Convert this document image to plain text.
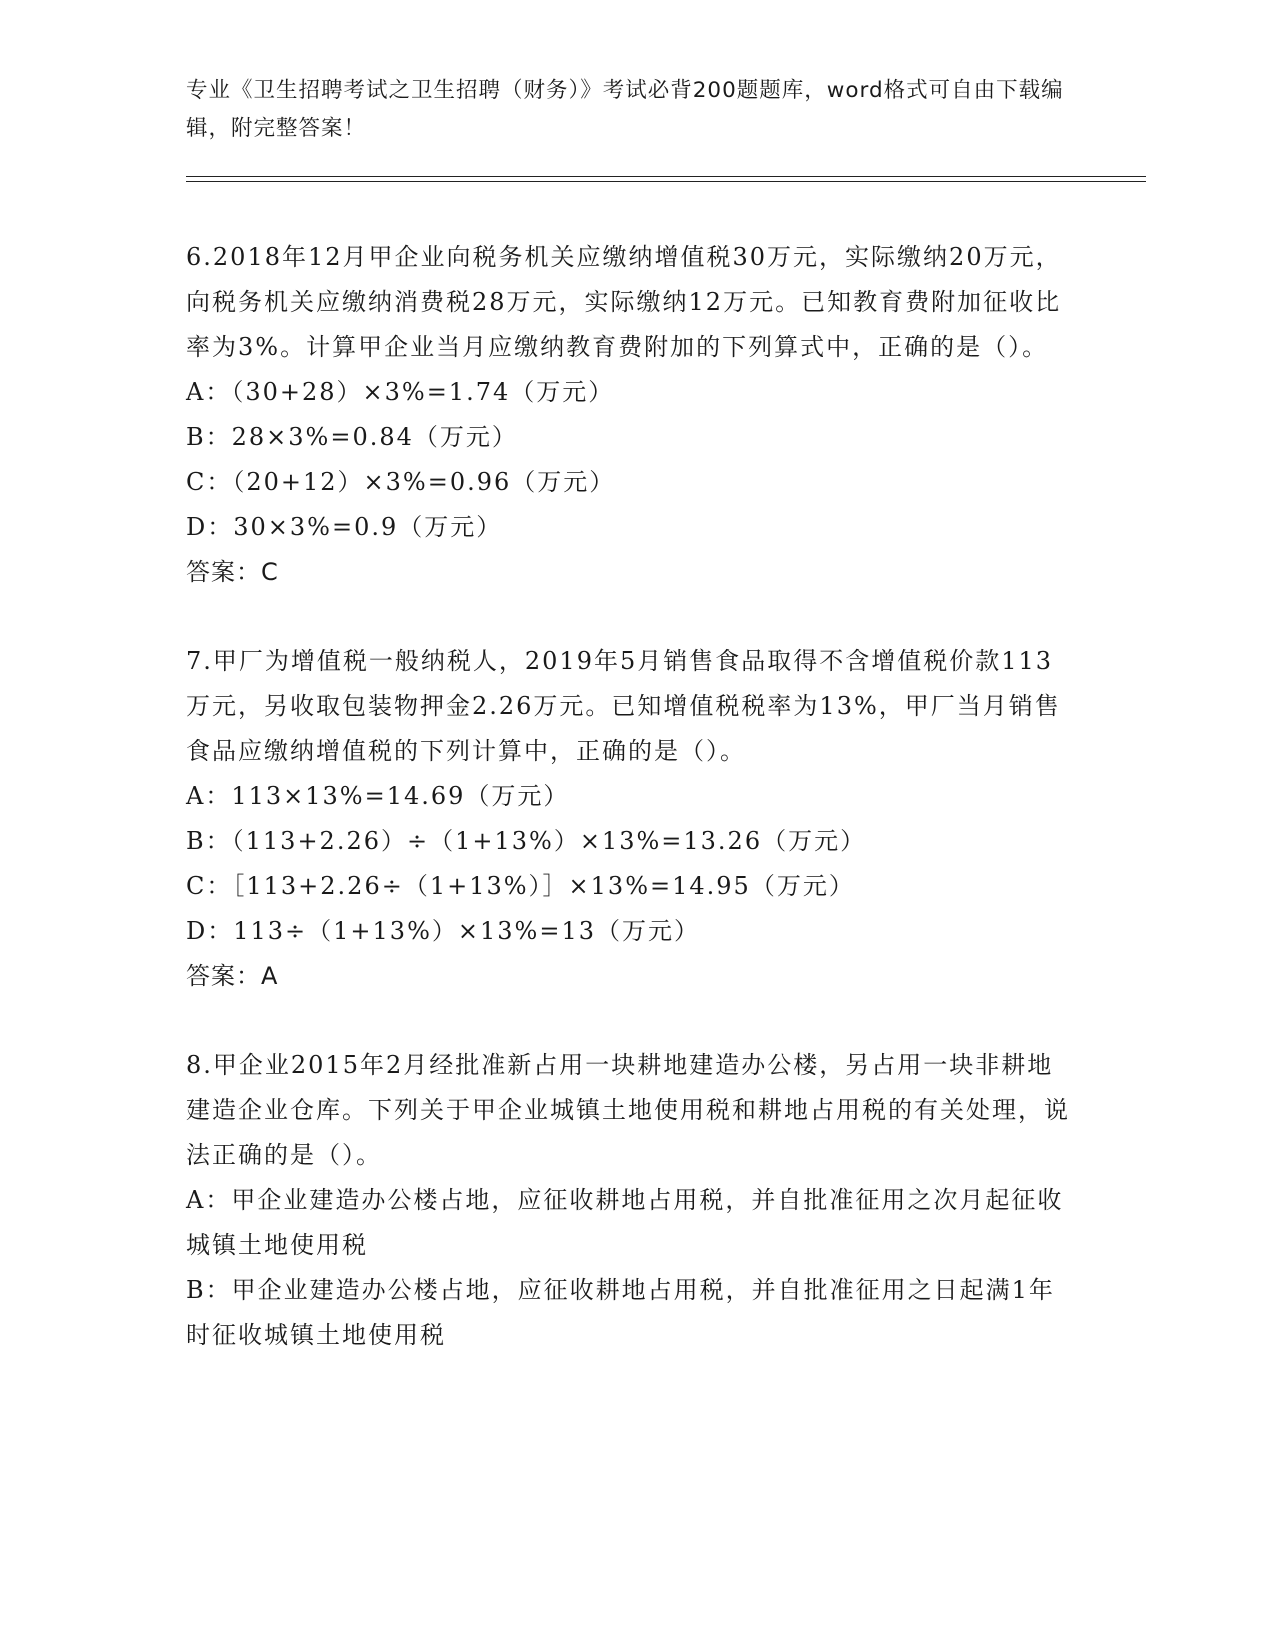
专业《卫生招聘考试之卫生招聘（财务）》考试必背200题题库，word格式可自由下载编辑，附完整答案！

6.2018年12月甲企业向税务机关应缴纳增值税30万元，实际缴纳20万元，向税务机关应缴纳消费税28万元，实际缴纳12万元。已知教育费附加征收比率为3%。计算甲企业当月应缴纳教育费附加的下列算式中，正确的是（）。

A：（30+28）×3%=1.74（万元）

B：28×3%=0.84（万元）

C：（20+12）×3%=0.96（万元）

D：30×3%=0.9（万元）

答案：C

7.甲厂为增值税一般纳税人，2019年5月销售食品取得不含增值税价款113万元，另收取包装物押金2.26万元。已知增值税税率为13%，甲厂当月销售食品应缴纳增值税的下列计算中，正确的是（）。

A：113×13%=14.69（万元）

B：（113+2.26）÷（1+13%）×13%=13.26（万元）

C：［113+2.26÷（1+13%）］×13%=14.95（万元）

D：113÷（1+13%）×13%=13（万元）

答案：A

8.甲企业2015年2月经批准新占用一块耕地建造办公楼，另占用一块非耕地建造企业仓库。下列关于甲企业城镇土地使用税和耕地占用税的有关处理，说法正确的是（）。

A：甲企业建造办公楼占地，应征收耕地占用税，并自批准征用之次月起征收城镇土地使用税

B：甲企业建造办公楼占地，应征收耕地占用税，并自批准征用之日起满1年时征收城镇土地使用税
